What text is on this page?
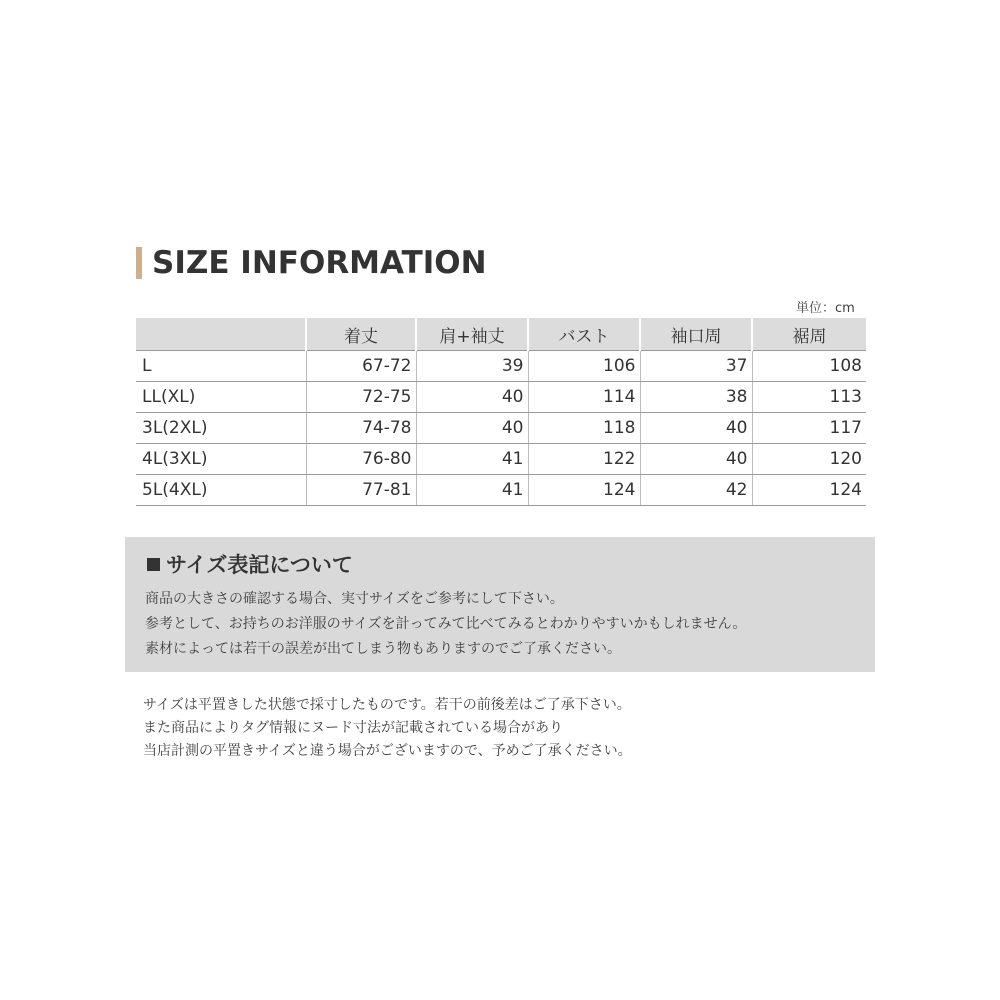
SIZE INFORMATION
単位：cm
	着丈	肩+袖丈	バスト	袖口周	裾周
L	67-72	39	106	37	108
LL(XL)	72-75	40	114	38	113
3L(2XL)	74-78	40	118	40	117
4L(3XL)	76-80	41	122	40	120
5L(4XL)	77-81	41	124	42	124
サイズ表記について
商品の大きさの確認する場合、実寸サイズをご参考にして下さい。
参考として、お持ちのお洋服のサイズを計ってみて比べてみるとわかりやすいかもしれません。
素材によっては若干の誤差が出てしまう物もありますのでご了承ください。
サイズは平置きした状態で採寸したものです。若干の前後差はご了承下さい。
また商品によりタグ情報にヌード寸法が記載されている場合があり
当店計測の平置きサイズと違う場合がございますので、予めご了承ください。
